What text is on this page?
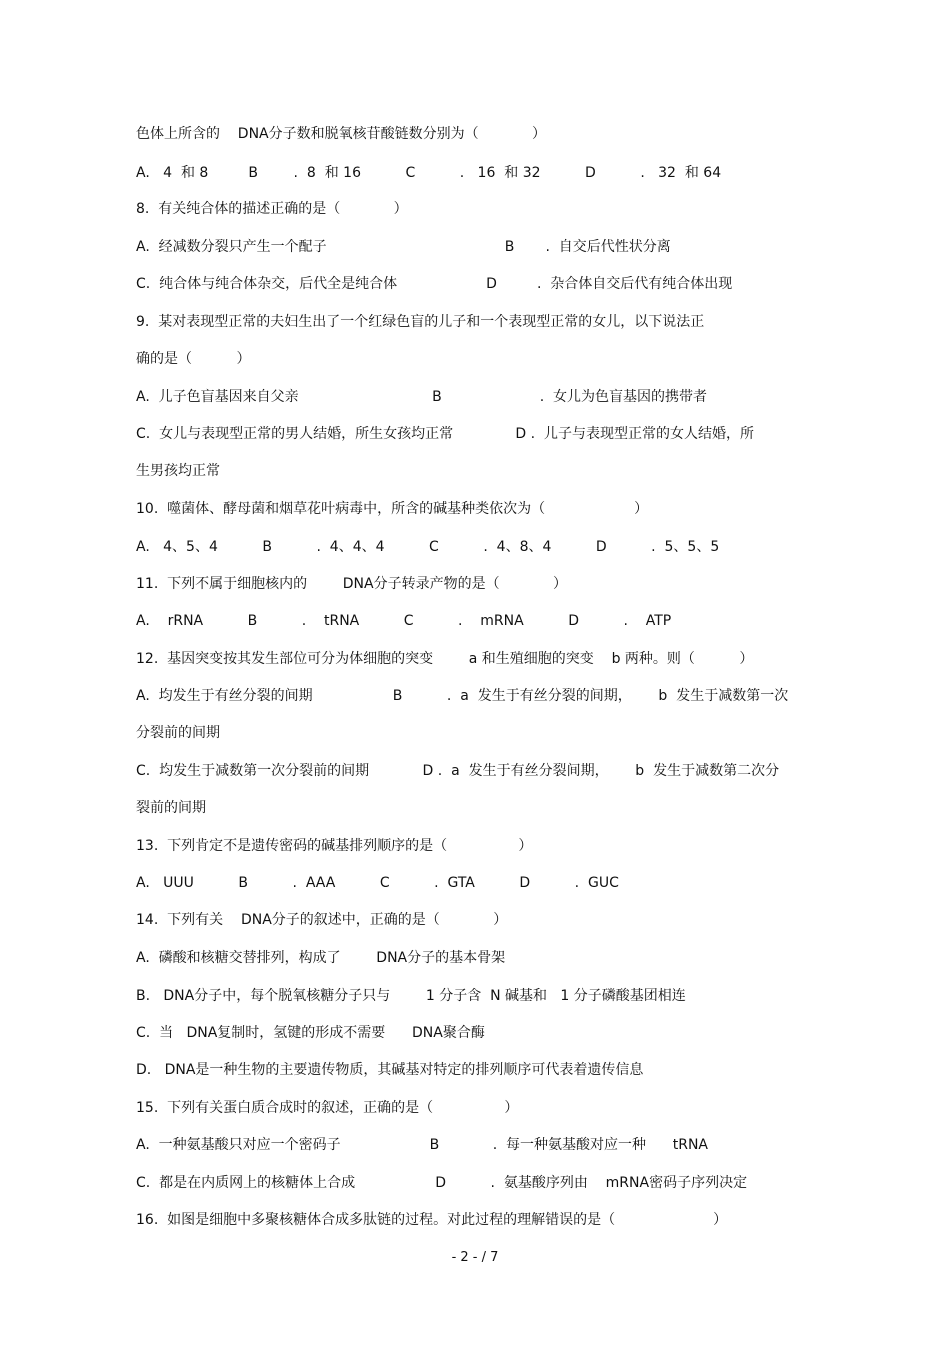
色体上所含的    DNA分子数和脱氧核苷酸链数分别为（            ）
A.   4  和 8         B        .  8  和 16          C          .   16  和 32          D          .   32  和 64
8.  有关纯合体的描述正确的是（            ）
A.  经减数分裂只产生一个配子                                        B       .  自交后代性状分离
C.  纯合体与纯合体杂交，后代全是纯合体                    D         .  杂合体自交后代有纯合体出现
9.  某对表现型正常的夫妇生出了一个红绿色盲的儿子和一个表现型正常的女儿，以下说法正
确的是（          ）
A.  儿子色盲基因来自父亲                              B                      .  女儿为色盲基因的携带者
C.  女儿与表现型正常的男人结婚，所生女孩均正常              D .  儿子与表现型正常的女人结婚，所
生男孩均正常
10.  噬菌体、酵母菌和烟草花叶病毒中，所含的碱基种类依次为（                    ）
A.   4、5、4          B          .  4、4、4          C          .  4、8、4          D          .  5、5、5
11.  下列不属于细胞核内的        DNA分子转录产物的是（            ）
A.    rRNA          B          .    tRNA          C          .    mRNA          D          .    ATP
12.  基因突变按其发生部位可分为体细胞的突变        a 和生殖细胞的突变    b 两种。则（          ）
A.  均发生于有丝分裂的间期                  B          .  a  发生于有丝分裂的间期，      b  发生于减数第一次
分裂前的间期
C.  均发生于减数第一次分裂前的间期            D .  a  发生于有丝分裂间期，      b  发生于减数第二次分
裂前的间期
13.  下列肯定不是遗传密码的碱基排列顺序的是（                ）
A.   UUU          B          .  AAA          C          .  GTA          D          .  GUC
14.  下列有关    DNA分子的叙述中，正确的是（            ）
A.  磷酸和核糖交替排列，构成了        DNA分子的基本骨架
B.   DNA分子中，每个脱氧核糖分子只与        1 分子含  N 碱基和   1 分子磷酸基团相连
C.  当   DNA复制时，氢键的形成不需要      DNA聚合酶
D.   DNA是一种生物的主要遗传物质，其碱基对特定的排列顺序可代表着遗传信息
15.  下列有关蛋白质合成时的叙述，正确的是（                ）
A.  一种氨基酸只对应一个密码子                    B            .  每一种氨基酸对应一种      tRNA
C.  都是在内质网上的核糖体上合成                  D          .  氨基酸序列由    mRNA密码子序列决定
16.  如图是细胞中多聚核糖体合成多肽链的过程。对此过程的理解错误的是（                      ）
- 2 - / 7
